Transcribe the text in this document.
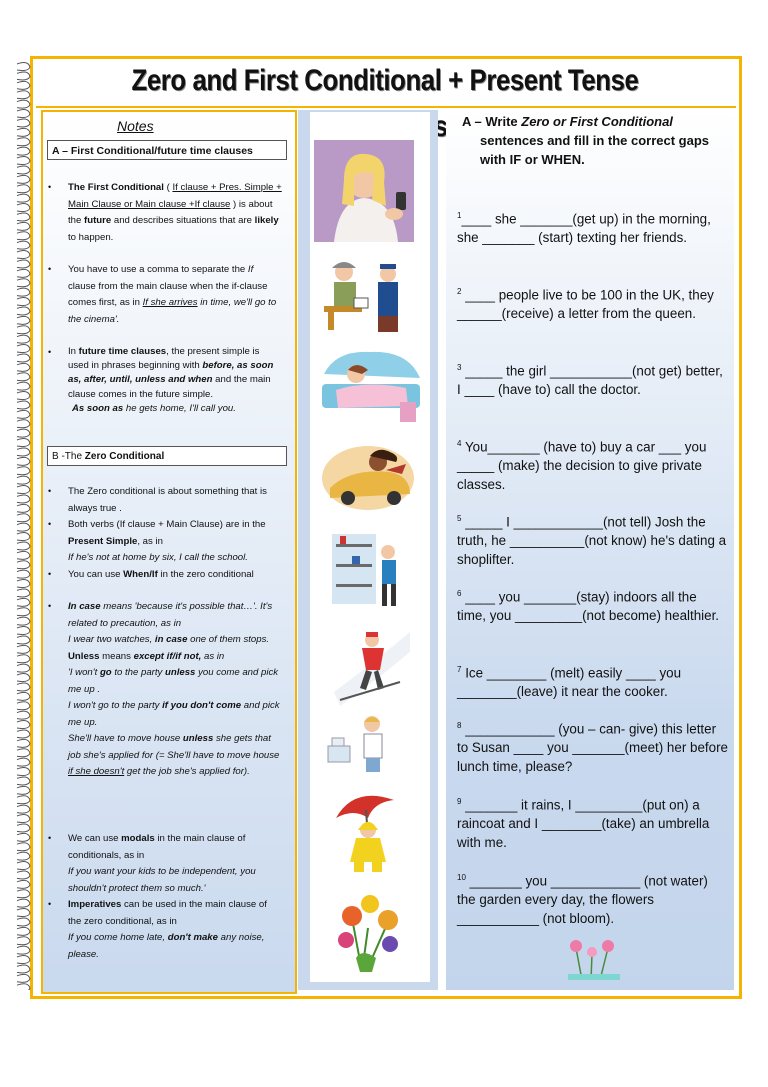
Zero and First Conditional + Present Tense
Notes
A – First Conditional/future time clauses
• The First Conditional ( If clause + Pres. Simple + Main Clause or Main clause +If clause ) is about the future and describes situations that are likely to happen.
• You have to use a comma to separate the If clause from the main clause when the if-clause comes first, as in If she arrives in time, we'll go to the cinema'.
• In future time clauses, the present simple is used in phrases beginning with before, as soon as, after, until, unless and when and the main clause comes in the future simple.
As soon as he gets home, I'll call you.
B -The Zero Conditional
• The Zero conditional is about something that is always true .
• Both verbs (If clause + Main Clause) are in the Present Simple, as in
If he's not at home by six, I call the school.
• You can use When/If in the zero conditional
• In case means 'because it's possible that…'. It's related to precaution, as in
I wear two watches, in case one of them stops.
Unless means except if/if not, as in
'I won't go to the party unless you come and pick me up .
I won't go to the party if you don't come and pick me up.
She'll have to move house unless she gets that job she's applied for (= She'll have to move house if she doesn't get the job she's applied for).
• We can use modals in the main clause of conditionals, as in
If you want your kids to be independent, you shouldn't protect them so much.'
• Imperatives can be used in the main clause of the zero conditional, as in
If you come home late, don't make any noise, please.
A – Write Zero or First Conditional

sentences and fill in the correct gaps with IF or WHEN.
$^1$____ she _______(get up) in the morning, she _______ (start) texting her friends.
$^2$ ____ people live to be 100 in the UK, they ______(receive) a letter from the queen.
$^3$ _____ the girl ___________(not get) better, I ____ (have to) call the doctor.
$^4$ You_______ (have to) buy a car ___ you _____ (make) the decision to give private classes.
$^5$ _____ I ____________(not tell) Josh the truth, he __________(not know) he's dating a shoplifter.
$^6$ ____ you _______(stay) indoors all the time, you _________(not become) healthier.
$^7$ Ice ________ (melt) easily ____ you ________(leave) it near the cooker.
$^8$ ____________ (you – can- give) this letter to Susan ____ you _______(meet) her before lunch time, please?
$^9$ _______ it rains, I _________(put on) a raincoat and I ________(take) an umbrella with me.
$^{10}$ _______ you ____________ (not water) the garden every day, the flowers ___________ (not bloom).
